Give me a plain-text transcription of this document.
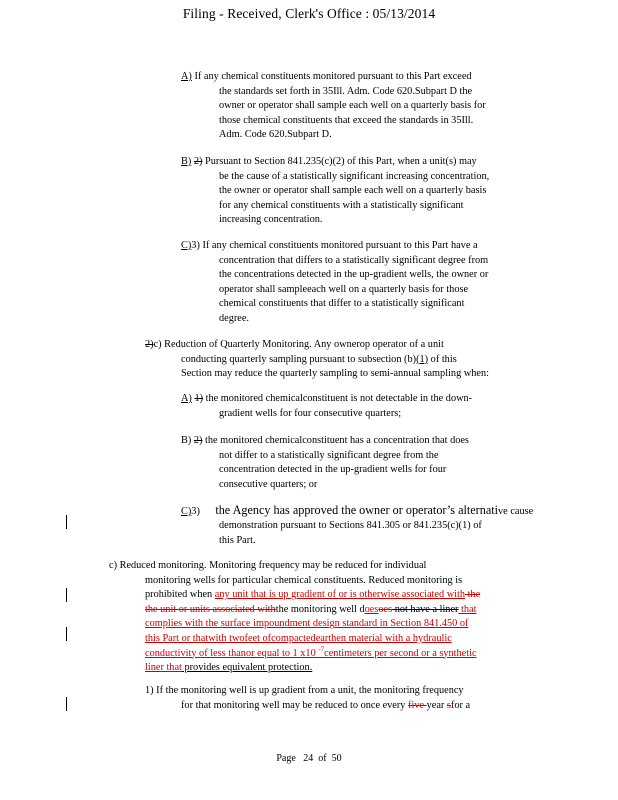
Filing - Received, Clerk's Office : 05/13/2014
A) If any chemical constituents monitored pursuant to this Part exceed
the standards set forth in 35Ill. Adm. Code 620.Subpart D the
owner or operator shall sample each well on a quarterly basis for
those chemical constituents that exceed the standards in 35Ill.
Adm. Code 620.Subpart D.
B) 2) Pursuant to Section 841.235(c)(2) of this Part, when a unit(s) may
be the cause of a statistically significant increasing concentration,
the owner or operator shall sample each well on a quarterly basis
for any chemical constituents with a statistically significant
increasing concentration.
C)3) If any chemical constituents monitored pursuant to this Part have a
concentration that differs to a statistically significant degree from
the concentrations detected in the up-gradient wells, the owner or
operator shall sampleeach well on a quarterly basis for those
chemical constituents that differ to a statistically significant
degree.
2)c) Reduction of Quarterly Monitoring. Any ownerор operator of a unit
conducting quarterly sampling pursuant to subsection (b)(1) of this
Section may reduce the quarterly sampling to semi-annual sampling when:
A) 1) the monitored chemicalconstituent is not detectable in the down-
gradient wells for four consecutive quarters;
B) 2) the monitored chemicalconstituent has a concentration that does
not differ to a statistically significant degree from the
concentration detected in the up-gradient wells for four
consecutive quarters; or
C)3) the Agency has approved the owner or operator’s alternative cause
demonstration pursuant to Sections 841.305 or 841.235(c)(1) of
this Part.
c) Reduced monitoring. Monitoring frequency may be reduced for individual
monitoring wells for particular chemical constituents. Reduced monitoring is
prohibited when any unit that is up gradient of or is otherwise associated with the
the unit or units associated withthe monitoring well doesoes not have a liner that
complies with the surface impoundment design standard in Section 841.450 of
this Part or thatwith twofeet ofcompactedearthen material with a hydraulic
conductivity of less thanor equal to 1 x10 $^{-7}$centimeters per second or a synthetic
liner that provides equivalent protection.
1) If the monitoring well is up gradient from a unit, the monitoring frequency
for that monitoring well may be reduced to once every five year sfor a
Page 24 of 50
